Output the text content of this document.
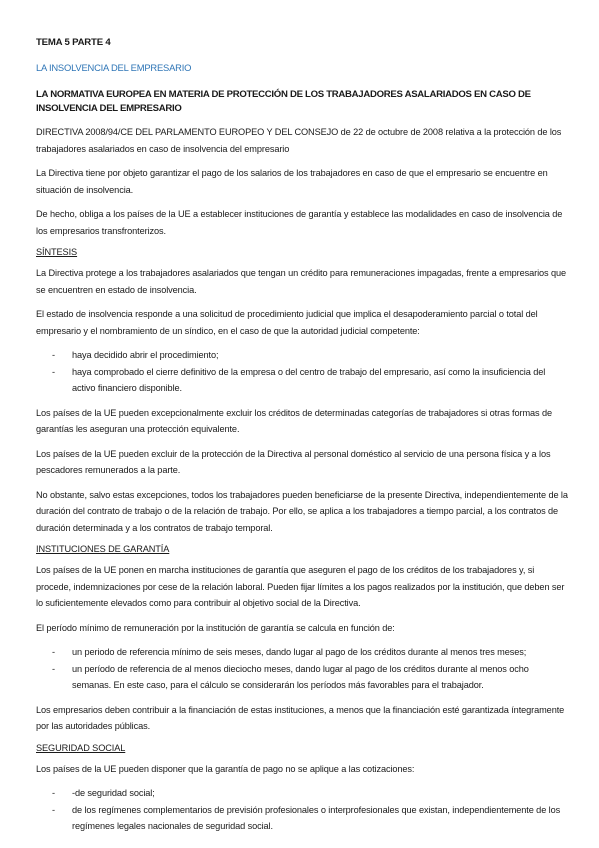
TEMA 5 PARTE 4

LA INSOLVENCIA DEL EMPRESARIO

LA NORMATIVA EUROPEA EN MATERIA DE PROTECCIÓN DE LOS TRABAJADORES ASALARIADOS EN CASO DE INSOLVENCIA DEL EMPRESARIO

DIRECTIVA 2008/94/CE DEL PARLAMENTO EUROPEO Y DEL CONSEJO de 22 de octubre de 2008 relativa a la protección de los trabajadores asalariados en caso de insolvencia del empresario

La Directiva tiene por objeto garantizar el pago de los salarios de los trabajadores en caso de que el empresario se encuentre en situación de insolvencia.

De hecho, obliga a los países de la UE a establecer instituciones de garantía y establece las modalidades en caso de insolvencia de los empresarios transfronterizos.

SÍNTESIS

La Directiva protege a los trabajadores asalariados que tengan un crédito para remuneraciones impagadas, frente a empresarios que se encuentren en estado de insolvencia.

El estado de insolvencia responde a una solicitud de procedimiento judicial que implica el desapoderamiento parcial o total del empresario y el nombramiento de un síndico, en el caso de que la autoridad judicial competente:

- haya decidido abrir el procedimiento;
- haya comprobado el cierre definitivo de la empresa o del centro de trabajo del empresario, así como la insuficiencia del activo financiero disponible.

Los países de la UE pueden excepcionalmente excluir los créditos de determinadas categorías de trabajadores si otras formas de garantías les aseguran una protección equivalente.

Los países de la UE pueden excluir de la protección de la Directiva al personal doméstico al servicio de una persona física y a los pescadores remunerados a la parte.

No obstante, salvo estas excepciones, todos los trabajadores pueden beneficiarse de la presente Directiva, independientemente de la duración del contrato de trabajo o de la relación de trabajo. Por ello, se aplica a los trabajadores a tiempo parcial, a los contratos de duración determinada y a los contratos de trabajo temporal.

INSTITUCIONES DE GARANTÍA

Los países de la UE ponen en marcha instituciones de garantía que aseguren el pago de los créditos de los trabajadores y, si procede, indemnizaciones por cese de la relación laboral. Pueden fijar límites a los pagos realizados por la institución, que deben ser lo suficientemente elevados como para contribuir al objetivo social de la Directiva.

El período mínimo de remuneración por la institución de garantía se calcula en función de:

- un periodo de referencia mínimo de seis meses, dando lugar al pago de los créditos durante al menos tres meses;
- un período de referencia de al menos dieciocho meses, dando lugar al pago de los créditos durante al menos ocho semanas. En este caso, para el cálculo se considerarán los períodos más favorables para el trabajador.

Los empresarios deben contribuir a la financiación de estas instituciones, a menos que la financiación esté garantizada íntegramente por las autoridades públicas.

SEGURIDAD SOCIAL

Los países de la UE pueden disponer que la garantía de pago no se aplique a las cotizaciones:

- -de seguridad social;
- de los regímenes complementarios de previsión profesionales o interprofesionales que existan, independientemente de los regímenes legales nacionales de seguridad social.
